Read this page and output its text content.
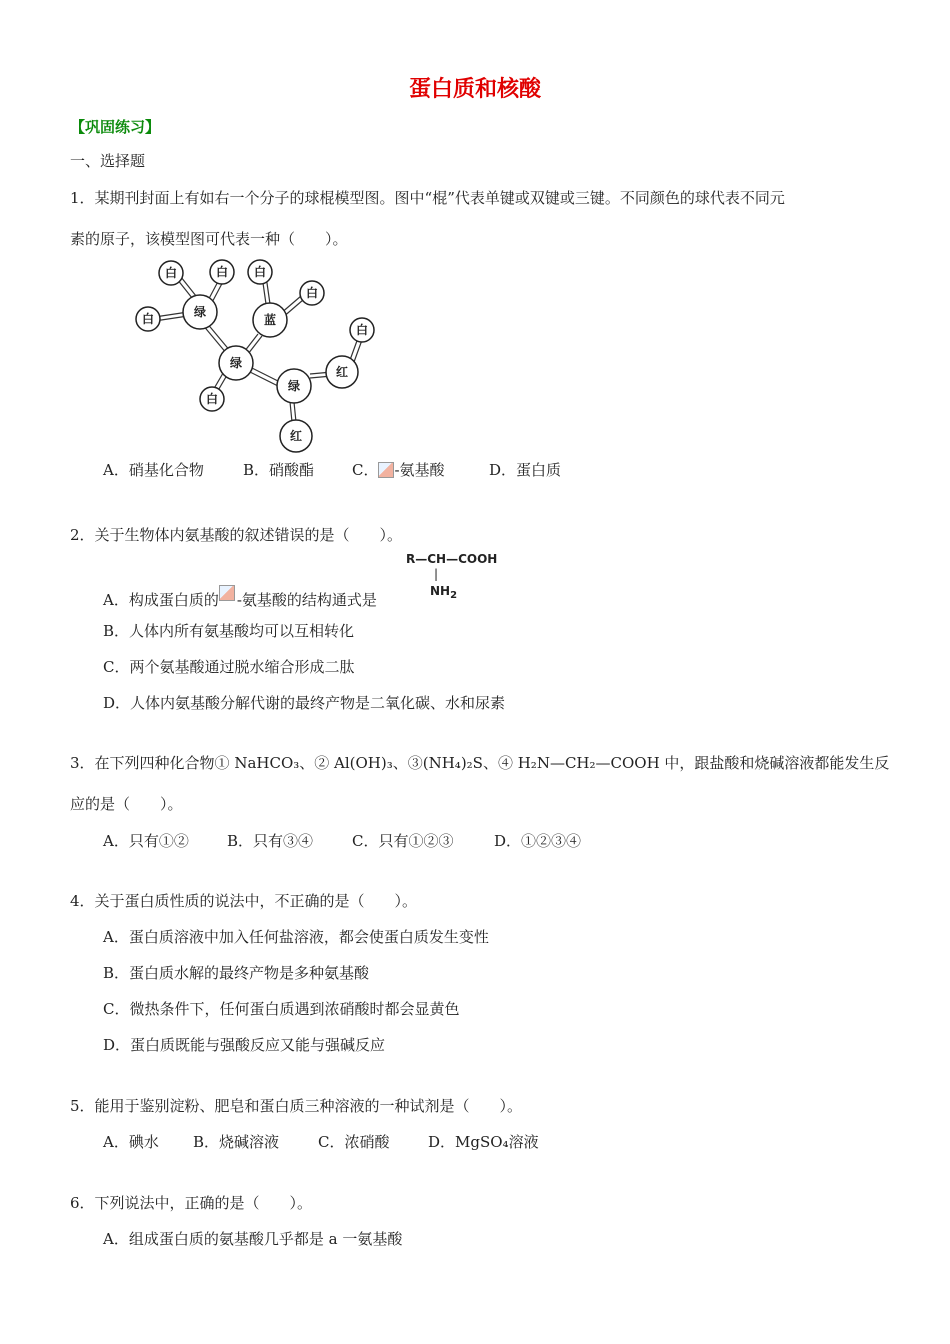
蛋白质和核酸
【巩固练习】
一、选择题
1．某期刊封面上有如右一个分子的球棍模型图。图中“棍”代表单键或双键或三键。不同颜色的球代表不同元
素的原子，该模型图可代表一种（　　）。
白	白 白
白
白
白
白
绿
蓝
绿
绿
红
红
A．硝基化合物	B．硝酸酯	C． -氨基酸	D．蛋白质
2．关于生物体内氨基酸的叙述错误的是（　　）。
R—CH—COOH
|
$NH_2$
A．构成蛋白质的 -氨基酸的结构通式是
B．人体内所有氨基酸均可以互相转化
C．两个氨基酸通过脱水缩合形成二肽
D．人体内氨基酸分解代谢的最终产物是二氧化碳、水和尿素
3．在下列四种化合物① NaHCO₃、② Al(OH)₃、③(NH₄)₂S、④ H₂N—CH₂—COOH 中，跟盐酸和烧碱溶液都能发生反
应的是（　　）。
A．只有①②	B．只有③④	C．只有①②③	D．①②③④
4．关于蛋白质性质的说法中，不正确的是（　　）。
A．蛋白质溶液中加入任何盐溶液，都会使蛋白质发生变性
B．蛋白质水解的最终产物是多种氨基酸
C．微热条件下，任何蛋白质遇到浓硝酸时都会显黄色
D．蛋白质既能与强酸反应又能与强碱反应
5．能用于鉴别淀粉、肥皂和蛋白质三种溶液的一种试剂是（　　）。
A．碘水 B．烧碱溶液	C．浓硝酸	D．MgSO₄溶液
6．下列说法中，正确的是（　　）。
A．组成蛋白质的氨基酸几乎都是 a 一氨基酸
